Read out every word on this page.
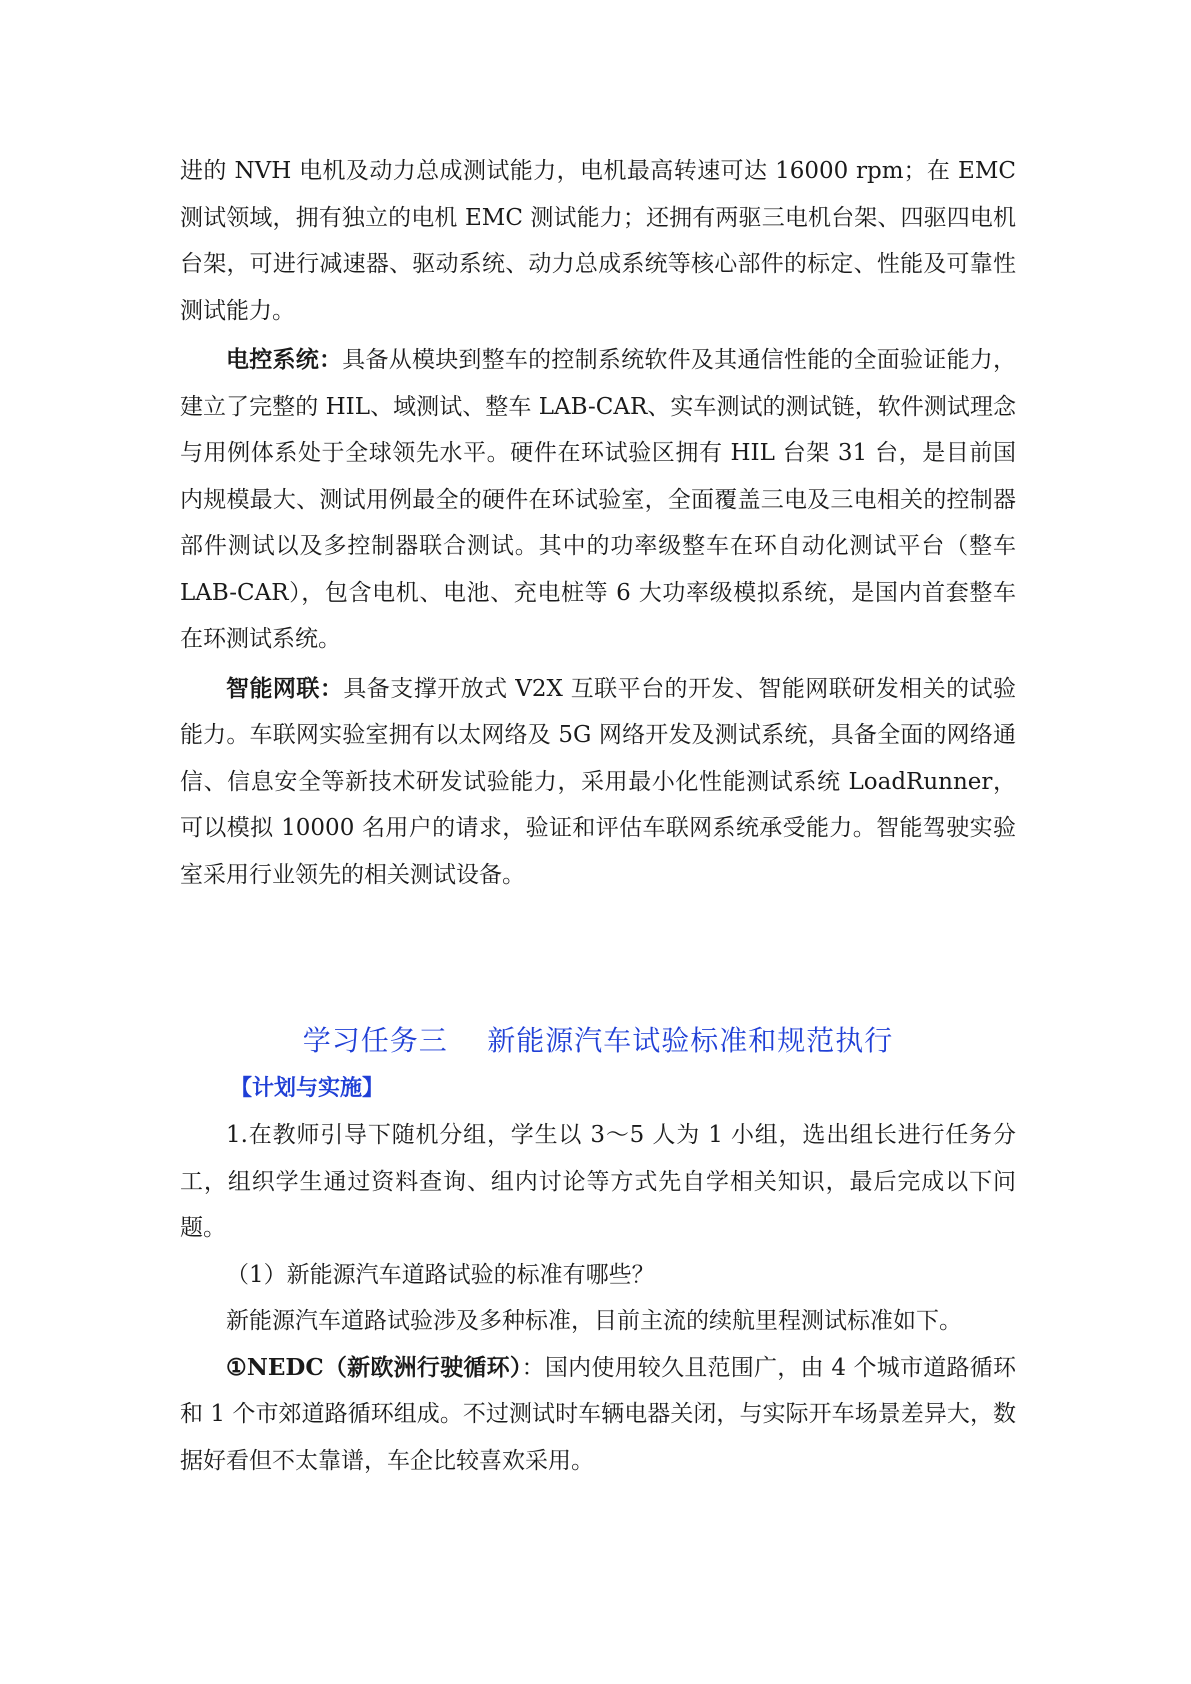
进的 NVH 电机及动力总成测试能力，电机最高转速可达 16000 rpm；在 EMC 测试领域，拥有独立的电机 EMC 测试能力；还拥有两驱三电机台架、四驱四电机台架，可进行减速器、驱动系统、动力总成系统等核心部件的标定、性能及可靠性测试能力。

电控系统：具备从模块到整车的控制系统软件及其通信性能的全面验证能力，建立了完整的 HIL、域测试、整车 LAB-CAR、实车测试的测试链，软件测试理念与用例体系处于全球领先水平。硬件在环试验区拥有 HIL 台架 31 台，是目前国内规模最大、测试用例最全的硬件在环试验室，全面覆盖三电及三电相关的控制器部件测试以及多控制器联合测试。其中的功率级整车在环自动化测试平台（整车 LAB-CAR），包含电机、电池、充电桩等 6 大功率级模拟系统，是国内首套整车在环测试系统。

智能网联：具备支撑开放式 V2X 互联平台的开发、智能网联研发相关的试验能力。车联网实验室拥有以太网络及 5G 网络开发及测试系统，具备全面的网络通信、信息安全等新技术研发试验能力，采用最小化性能测试系统 LoadRunner，可以模拟 10000 名用户的请求，验证和评估车联网系统承受能力。智能驾驶实验室采用行业领先的相关测试设备。

学习任务三    新能源汽车试验标准和规范执行
【计划与实施】

1.在教师引导下随机分组，学生以 3～5 人为 1 小组，选出组长进行任务分工，组织学生通过资料查询、组内讨论等方式先自学相关知识，最后完成以下问题。

（1）新能源汽车道路试验的标准有哪些？

新能源汽车道路试验涉及多种标准，目前主流的续航里程测试标准如下。

①NEDC（新欧洲行驶循环）：国内使用较久且范围广，由 4 个城市道路循环和 1 个市郊道路循环组成。不过测试时车辆电器关闭，与实际开车场景差异大，数据好看但不太靠谱，车企比较喜欢采用。
